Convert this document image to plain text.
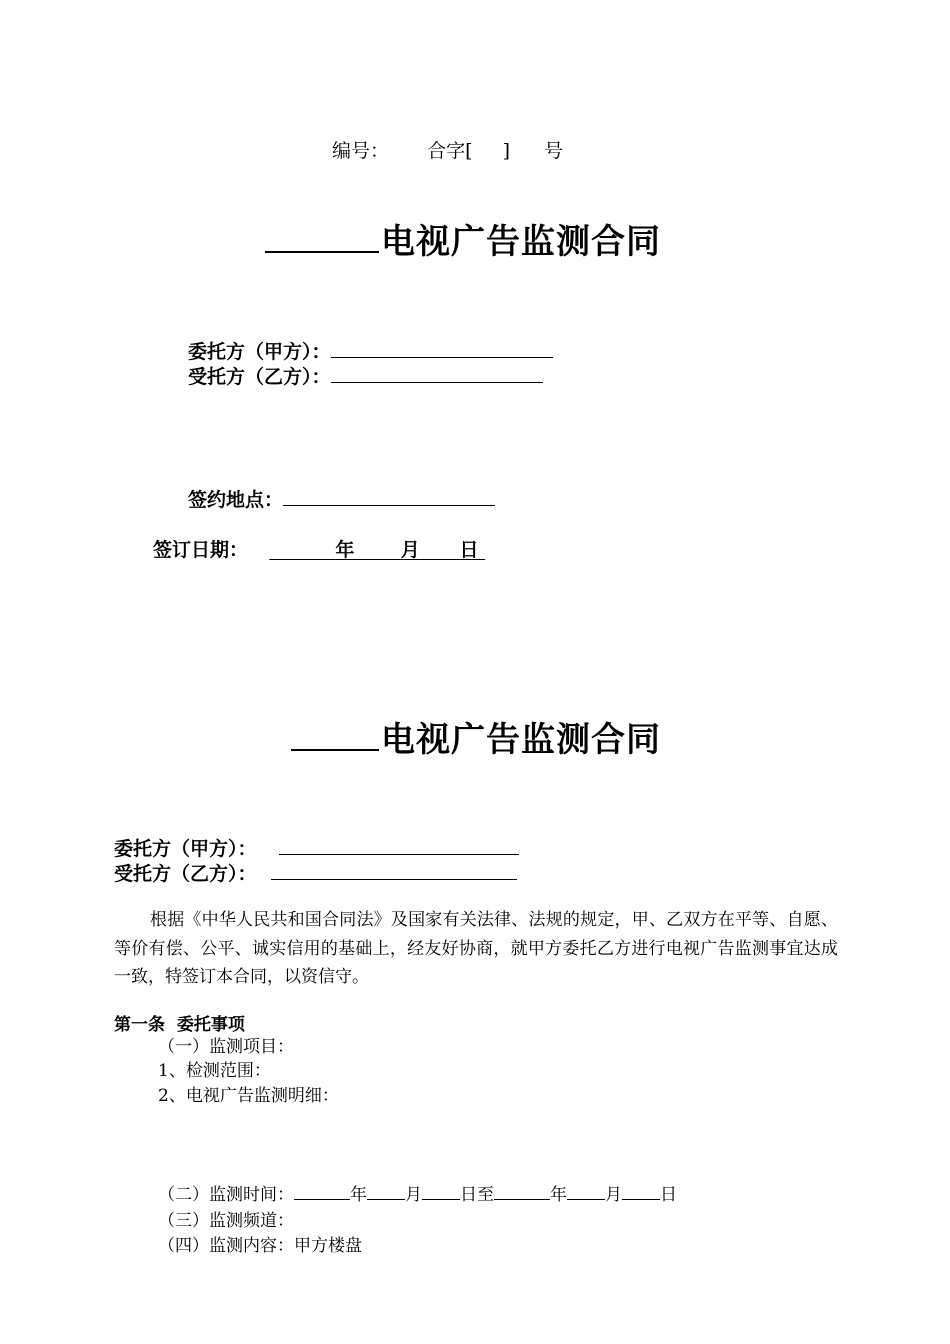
编号： 合字[ ] 号
电视广告监测合同
委托方（甲方）：
受托方（乙方）：
签约地点：
签订日期：	年 月 日
电视广告监测合同
委托方（甲方）：
受托方（乙方）：
根据《中华人民共和国合同法》及国家有关法律、法规的规定，甲、乙双方在平等、自愿、等价有偿、公平、诚实信用的基础上，经友好协商，就甲方委托乙方进行电视广告监测事宜达成一致，特签订本合同，以资信守。
第一条  委托事项
（一）监测项目：
1、检测范围：
2、电视广告监测明细：
（二）监测时间：	年 月 日至	年 月 日
（三）监测频道：
（四）监测内容：甲方楼盘
